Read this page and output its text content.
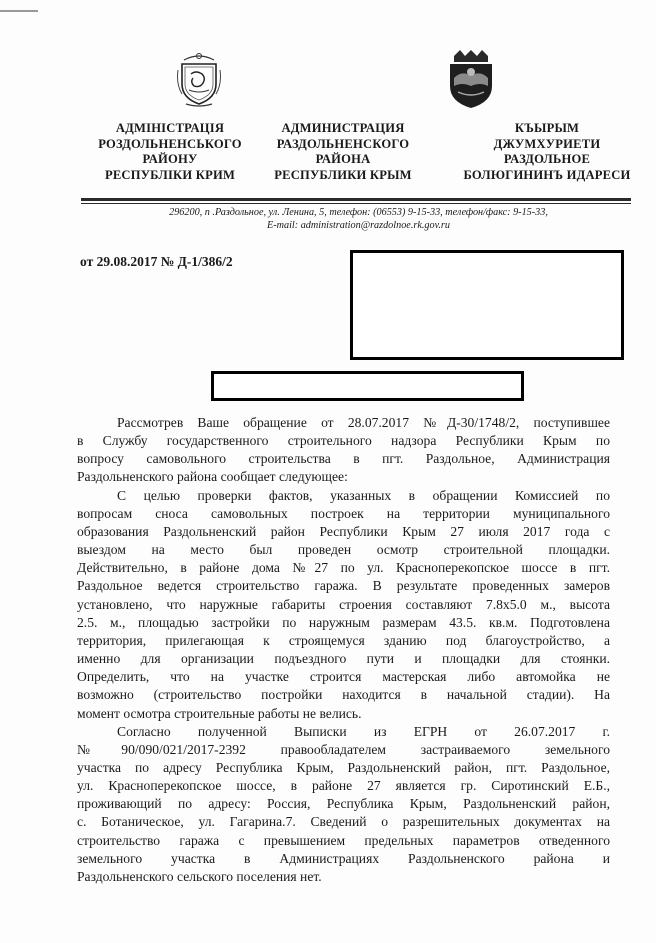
АДМІНІСТРАЦІЯ
РОЗДОЛЬНЕНСЬКОГО
РАЙОНУ
РЕСПУБЛІКИ КРИМ
АДМИНИСТРАЦИЯ
РАЗДОЛЬНЕНСКОГО
РАЙОНА
РЕСПУБЛИКИ КРЫМ
КЪЫРЫМ
ДЖУМХУРИЕТИ
РАЗДОЛЬНОЕ
БОЛЮГИНИНЪ ИДАРЕСИ
296200, п .Раздольное, ул. Ленина, 5, телефон: (06553) 9-15-33, телефон/факс: 9-15-33,
E-mail: administration@razdolnoe.rk.gov.ru
от 29.08.2017 № Д-1/386/2
Рассмотрев Ваше обращение от 28.07.2017 №Д-30/1748/2, поступившее
в Службу государственного строительного надзора Республики Крым по
вопросу самовольного строительства в пгт. Раздольное, Администрация
Раздольненского района сообщает следующее:
С целью проверки фактов, указанных в обращении Комиссией по
вопросам сноса самовольных построек на территории муниципального
образования Раздольненский район Республики Крым 27 июля 2017 года с
выездом на место был проведен осмотр строительной площадки.
Действительно, в районе дома №27 по ул. Красноперекопское шоссе в пгт.
Раздольное ведется строительство гаража. В результате проведенных замеров
установлено, что наружные габариты строения составляют 7.8х5.0 м., высота
2.5. м., площадью застройки по наружным размерам 43.5. кв.м. Подготовлена
территория, прилегающая к строящемуся зданию под благоустройство, а
именно для организации подъездного пути и площадки для стоянки.
Определить, что на участке строится мастерская либо автомойка не
возможно (строительство постройки находится в начальной стадии). На
момент осмотра строительные работы не велись.
Согласно полученной Выписки из ЕГРН от 26.07.2017 г.
№90/090/021/2017-2392 правообладателем застраиваемого земельного
участка по адресу Республика Крым, Раздольненский район, пгт. Раздольное,
ул. Красноперекопское шоссе, в районе 27 является гр. Сиротинский Е.Б.,
проживающий по адресу: Россия, Республика Крым, Раздольненский район,
с. Ботаническое, ул. Гагарина.7. Сведений о разрешительных документах на
строительство гаража с превышением предельных параметров отведенного
земельного участка в Администрациях Раздольненского района и
Раздольненского сельского поселения нет.
